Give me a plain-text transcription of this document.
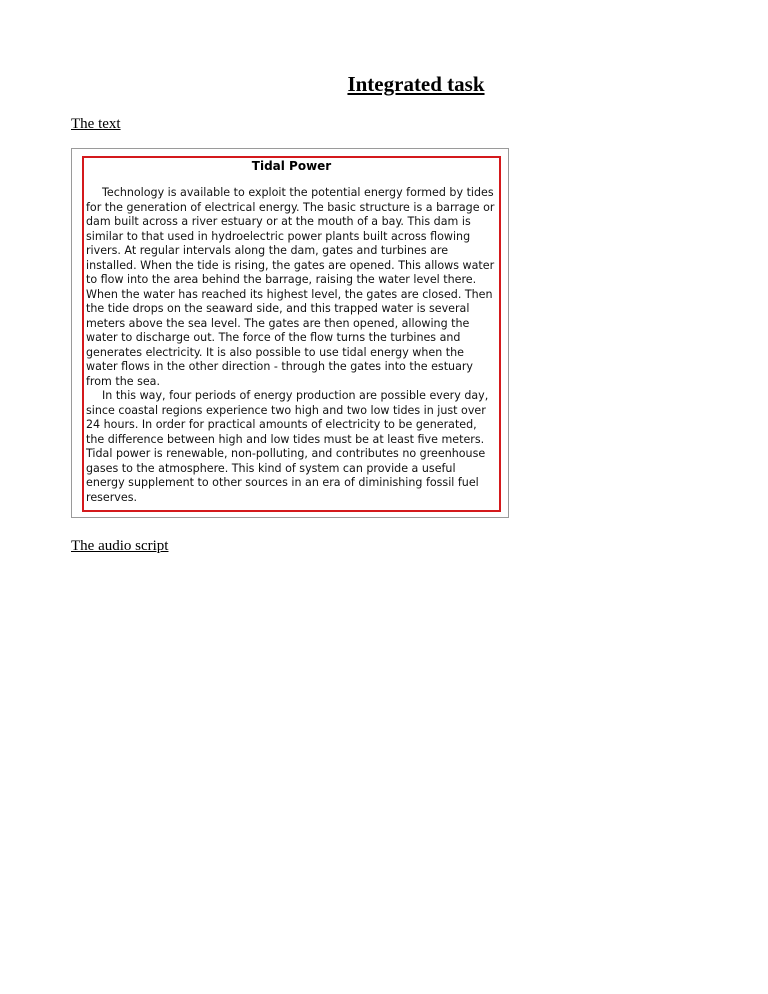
Integrated task
The text
Tidal Power

Technology is available to exploit the potential energy formed by tides for the generation of electrical energy. The basic structure is a barrage or dam built across a river estuary or at the mouth of a bay. This dam is similar to that used in hydroelectric power plants built across flowing rivers. At regular intervals along the dam, gates and turbines are installed. When the tide is rising, the gates are opened. This allows water to flow into the area behind the barrage, raising the water level there. When the water has reached its highest level, the gates are closed. Then the tide drops on the seaward side, and this trapped water is several meters above the sea level. The gates are then opened, allowing the water to discharge out. The force of the flow turns the turbines and generates electricity. It is also possible to use tidal energy when the water flows in the other direction - through the gates into the estuary from the sea.

In this way, four periods of energy production are possible every day, since coastal regions experience two high and two low tides in just over 24 hours. In order for practical amounts of electricity to be generated, the difference between high and low tides must be at least five meters. Tidal power is renewable, non-polluting, and contributes no greenhouse gases to the atmosphere. This kind of system can provide a useful energy supplement to other sources in an era of diminishing fossil fuel reserves.

The audio script
